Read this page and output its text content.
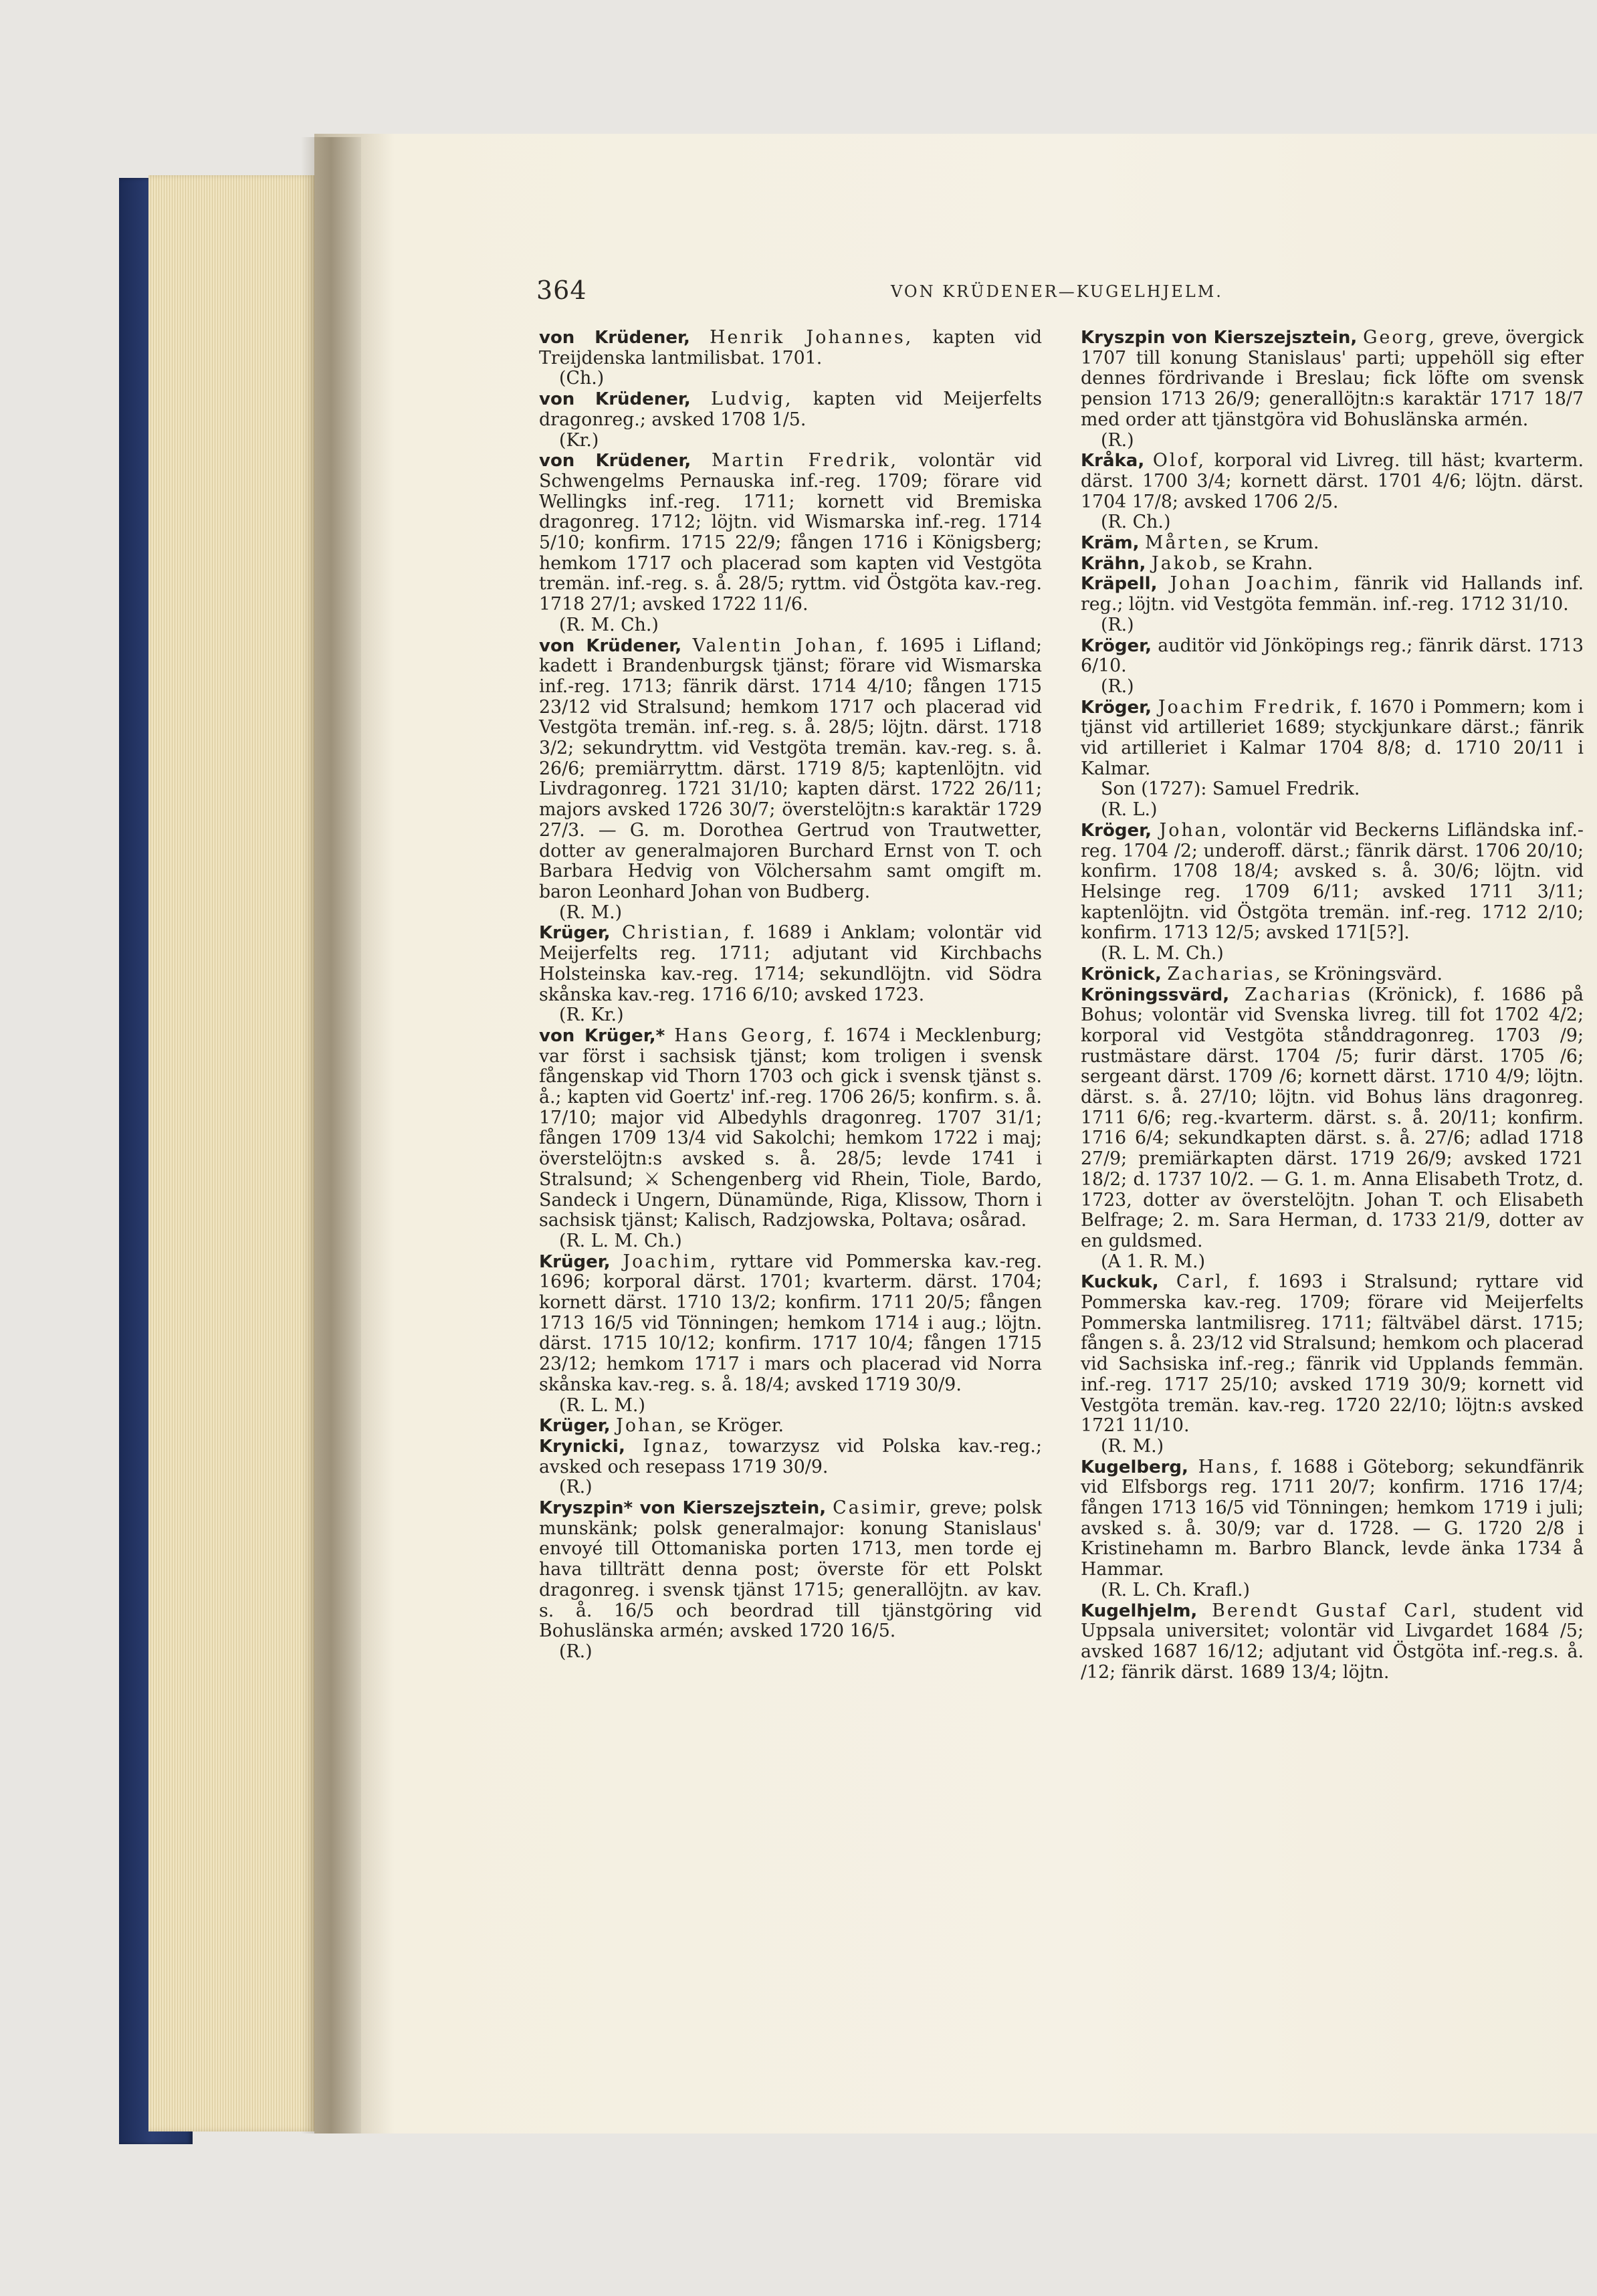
364	VON KRÜDENER—KUGELHJELM.

von Krüdener, Henrik Johannes, kapten vid Treijdenska lantmilisbat. 1701.

(Ch.)

von Krüdener, Ludvig, kapten vid Meijerfelts dragonreg.; avsked 1708 1/5.

(Kr.)

von Krüdener, Martin Fredrik, volontär vid Schwengelms Pernauska inf.-reg. 1709; förare vid Wellingks inf.-reg. 1711; kornett vid Bremiska dragonreg. 1712; löjtn. vid Wismarska inf.-reg. 1714 5/10; konfirm. 1715 22/9; fången 1716 i Königsberg; hemkom 1717 och placerad som kapten vid Vestgöta tremän. inf.-reg. s. å. 28/5; ryttm. vid Östgöta kav.-reg. 1718 27/1; avsked 1722 11/6.

(R. M. Ch.)

von Krüdener, Valentin Johan, f. 1695 i Lifland; kadett i Brandenburgsk tjänst; förare vid Wismarska inf.-reg. 1713; fänrik därst. 1714 4/10; fången 1715 23/12 vid Stralsund; hemkom 1717 och placerad vid Vestgöta tremän. inf.-reg. s. å. 28/5; löjtn. därst. 1718 3/2; sekundryttm. vid Vestgöta tremän. kav.-reg. s. å. 26/6; premiärryttm. därst. 1719 8/5; kaptenlöjtn. vid Livdragonreg. 1721 31/10; kapten därst. 1722 26/11; majors avsked 1726 30/7; överstelöjtn:s karaktär 1729 27/3. — G. m. Dorothea Gertrud von Trautwetter, dotter av generalmajoren Burchard Ernst von T. och Barbara Hedvig von Völchersahm samt omgift m. baron Leonhard Johan von Budberg.

(R. M.)

Krüger, Christian, f. 1689 i Anklam; volontär vid Meijerfelts reg. 1711; adjutant vid Kirchbachs Holsteinska kav.-reg. 1714; sekundlöjtn. vid Södra skånska kav.-reg. 1716 6/10; avsked 1723.

(R. Kr.)

von Krüger,* Hans Georg, f. 1674 i Mecklenburg; var först i sachsisk tjänst; kom troligen i svensk fångenskap vid Thorn 1703 och gick i svensk tjänst s. å.; kapten vid Goertz' inf.-reg. 1706 26/5; konfirm. s. å. 17/10; major vid Albedyhls dragonreg. 1707 31/1; fången 1709 13/4 vid Sakolchi; hemkom 1722 i maj; överstelöjtn:s avsked s. å. 28/5; levde 1741 i Stralsund; ⚔ Schengenberg vid Rhein, Tiole, Bardo, Sandeck i Ungern, Dünamünde, Riga, Klissow, Thorn i sachsisk tjänst; Kalisch, Radzjowska, Poltava; osårad.

(R. L. M. Ch.)

Krüger, Joachim, ryttare vid Pommerska kav.-reg. 1696; korporal därst. 1701; kvarterm. därst. 1704; kornett därst. 1710 13/2; konfirm. 1711 20/5; fången 1713 16/5 vid Tönningen; hemkom 1714 i aug.; löjtn. därst. 1715 10/12; konfirm. 1717 10/4; fången 1715 23/12; hemkom 1717 i mars och placerad vid Norra skånska kav.-reg. s. å. 18/4; avsked 1719 30/9.

(R. L. M.)

Krüger, Johan, se Kröger.

Krynicki, Ignaz, towarzysz vid Polska kav.-reg.; avsked och resepass 1719 30/9.

(R.)

Kryszpin* von Kierszejsztein, Casimir, greve; polsk munskänk; polsk generalmajor: konung Stanislaus' envoyé till Ottomaniska porten 1713, men torde ej hava tillträtt denna post; överste för ett Polskt dragonreg. i svensk tjänst 1715; generallöjtn. av kav. s. å. 16/5 och beordrad till tjänstgöring vid Bohuslänska armén; avsked 1720 16/5.

(R.)

Kryszpin von Kierszejsztein, Georg, greve, övergick 1707 till konung Stanislaus' parti; uppehöll sig efter dennes fördrivande i Breslau; fick löfte om svensk pension 1713 26/9; generallöjtn:s karaktär 1717 18/7 med order att tjänstgöra vid Bohuslänska armén.

(R.)

Kråka, Olof, korporal vid Livreg. till häst; kvarterm. därst. 1700 3/4; kornett därst. 1701 4/6; löjtn. därst. 1704 17/8; avsked 1706 2/5.

(R. Ch.)

Kräm, Mårten, se Krum.

Krähn, Jakob, se Krahn.

Kräpell, Johan Joachim, fänrik vid Hallands inf. reg.; löjtn. vid Vestgöta femmän. inf.-reg. 1712 31/10.

(R.)

Kröger, auditör vid Jönköpings reg.; fänrik därst. 1713 6/10.

(R.)

Kröger, Joachim Fredrik, f. 1670 i Pommern; kom i tjänst vid artilleriet 1689; styckjunkare därst.; fänrik vid artilleriet i Kalmar 1704 8/8; d. 1710 20/11 i Kalmar.

Son (1727): Samuel Fredrik.
(R. L.)

Kröger, Johan, volontär vid Beckerns Lifländska inf.-reg. 1704 /2; underoff. därst.; fänrik därst. 1706 20/10; konfirm. 1708 18/4; avsked s. å. 30/6; löjtn. vid Helsinge reg. 1709 6/11; avsked 1711 3/11; kaptenlöjtn. vid Östgöta tremän. inf.-reg. 1712 2/10; konfirm. 1713 12/5; avsked 171[5?].

(R. L. M. Ch.)

Krönick, Zacharias, se Kröningsvärd.

Kröningssvärd, Zacharias (Krönick), f. 1686 på Bohus; volontär vid Svenska livreg. till fot 1702 4/2; korporal vid Vestgöta stånddragonreg. 1703 /9; rustmästare därst. 1704 /5; furir därst. 1705 /6; sergeant därst. 1709 /6; kornett därst. 1710 4/9; löjtn. därst. s. å. 27/10; löjtn. vid Bohus läns dragonreg. 1711 6/6; reg.-kvarterm. därst. s. å. 20/11; konfirm. 1716 6/4; sekundkapten därst. s. å. 27/6; adlad 1718 27/9; premiärkapten därst. 1719 26/9; avsked 1721 18/2; d. 1737 10/2. — G. 1. m. Anna Elisabeth Trotz, d. 1723, dotter av överstelöjtn. Johan T. och Elisabeth Belfrage; 2. m. Sara Herman, d. 1733 21/9, dotter av en guldsmed.

(A 1. R. M.)

Kuckuk, Carl, f. 1693 i Stralsund; ryttare vid Pommerska kav.-reg. 1709; förare vid Meijerfelts Pommerska lantmilisreg. 1711; fältväbel därst. 1715; fången s. å. 23/12 vid Stralsund; hemkom och placerad vid Sachsiska inf.-reg.; fänrik vid Upplands femmän. inf.-reg. 1717 25/10; avsked 1719 30/9; kornett vid Vestgöta tremän. kav.-reg. 1720 22/10; löjtn:s avsked 1721 11/10.

(R. M.)

Kugelberg, Hans, f. 1688 i Göteborg; sekundfänrik vid Elfsborgs reg. 1711 20/7; konfirm. 1716 17/4; fången 1713 16/5 vid Tönningen; hemkom 1719 i juli; avsked s. å. 30/9; var d. 1728. — G. 1720 2/8 i Kristinehamn m. Barbro Blanck, levde änka 1734 å Hammar.

(R. L. Ch. Krafl.)

Kugelhjelm, Berendt Gustaf Carl, student vid Uppsala universitet; volontär vid Livgardet 1684 /5; avsked 1687 16/12; adjutant vid Östgöta inf.-reg.s. å. /12; fänrik därst. 1689 13/4; löjtn.
